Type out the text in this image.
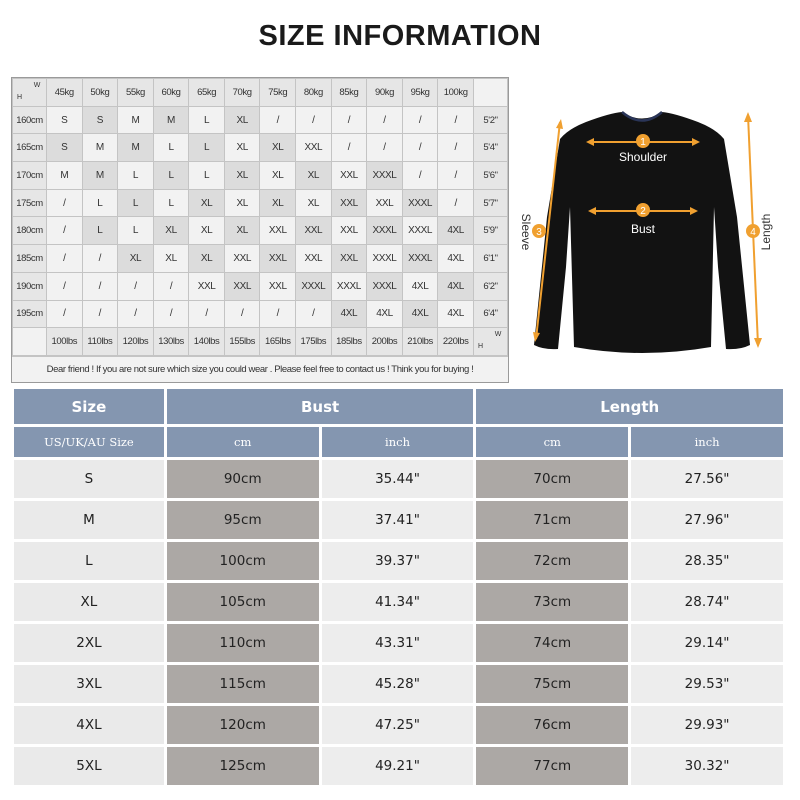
SIZE INFORMATION
H
W	45kg	50kg	55kg	60kg	65kg	70kg	75kg	80kg	85kg	90kg	95kg	100kg	
160cm	S	S	M	M	L	XL	/	/	/	/	/	/	5'2"
165cm	S	M	M	L	L	XL	XL	XXL	/	/	/	/	5'4"
170cm	M	M	L	L	L	XL	XL	XL	XXL	XXXL	/	/	5'6"
175cm	/	L	L	L	XL	XL	XL	XL	XXL	XXL	XXXL	/	5'7"
180cm	/	L	L	XL	XL	XL	XXL	XXL	XXL	XXXL	XXXL	4XL	5'9"
185cm	/	/	XL	XL	XL	XXL	XXL	XXL	XXL	XXXL	XXXL	4XL	6'1"
190cm	/	/	/	/	XXL	XXL	XXL	XXXL	XXXL	XXXL	4XL	4XL	6'2"
195cm	/	/	/	/	/	/	/	/	4XL	4XL	4XL	4XL	6'4"
	100lbs	110lbs	120lbs	130lbs	140lbs	155lbs	165lbs	175lbs	185lbs	200lbs	210lbs	220lbs	H
W
Dear friend ! If you are not sure which size you could wear . Please feel free to contact us ! Think you for buying !
1
2
3	4
Shoulder
Bust
Sleeve	Length
Size	Bust		Length	
US/UK/AU Size	cm	inch	cm	inch
S	90cm	35.44"	70cm	27.56"
M	95cm	37.41"	71cm	27.96"
L	100cm	39.37"	72cm	28.35"
XL	105cm	41.34"	73cm	28.74"
2XL	110cm	43.31"	74cm	29.14"
3XL	115cm	45.28"	75cm	29.53"
4XL	120cm	47.25"	76cm	29.93"
5XL	125cm	49.21"	77cm	30.32"
